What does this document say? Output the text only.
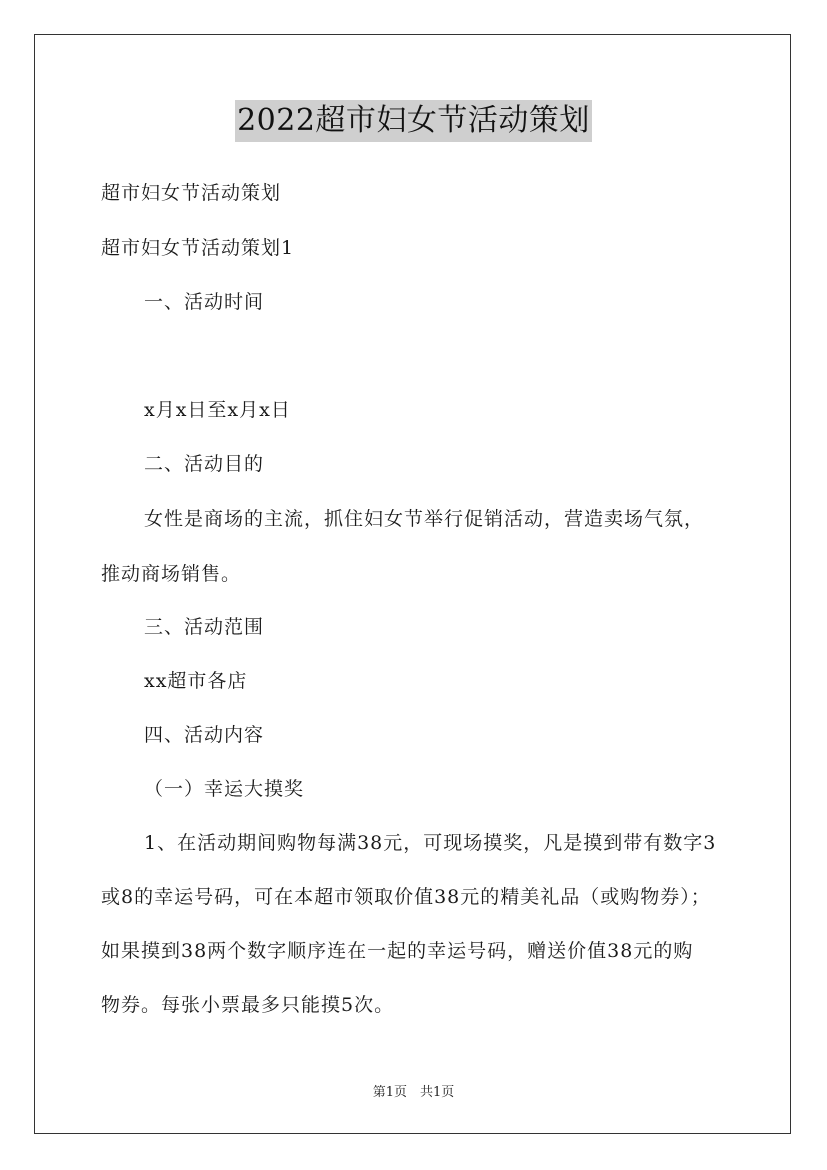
2022超市妇女节活动策划
超市妇女节活动策划
超市妇女节活动策划1
一、活动时间
x月x日至x月x日
二、活动目的
女性是商场的主流，抓住妇女节举行促销活动，营造卖场气氛，
推动商场销售。
三、活动范围
xx超市各店
四、活动内容
（一）幸运大摸奖
1、在活动期间购物每满38元，可现场摸奖，凡是摸到带有数字3
或8的幸运号码，可在本超市领取价值38元的精美礼品（或购物券）；
如果摸到38两个数字顺序连在一起的幸运号码，赠送价值38元的购
物券。每张小票最多只能摸5次。
第1页　共1页
